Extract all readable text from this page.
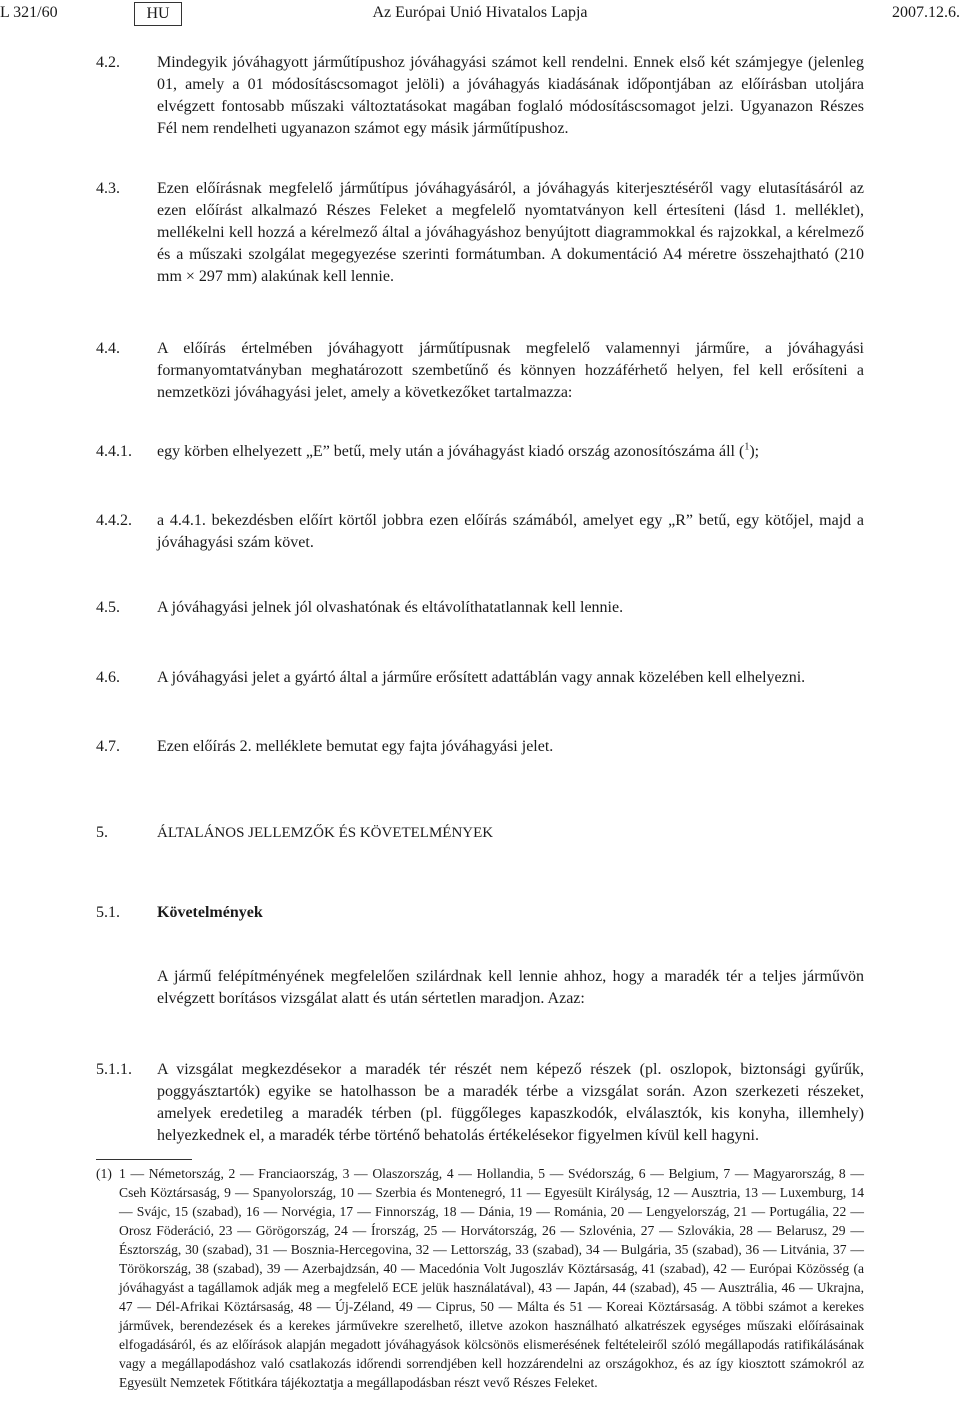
Az Európai Unió Hivatalos Lapja
L 321/60	HU	2007.12.6.
4.2. Mindegyik jóváhagyott járműtípushoz jóváhagyási számot kell rendelni. Ennek első két számjegye (jelenleg 01, amely a 01 módosításcsomagot jelöli) a jóváhagyás kiadásának időpontjában az előírásban utoljára elvégzett fontosabb műszaki változtatásokat magában foglaló módosításcsomagot jelzi. Ugyanazon Részes Fél nem rendelheti ugyanazon számot egy másik járműtípushoz.
4.3. Ezen előírásnak megfelelő járműtípus jóváhagyásáról, a jóváhagyás kiterjesztéséről vagy elutasításáról az ezen előírást alkalmazó Részes Feleket a megfelelő nyomtatványon kell értesíteni (lásd 1. melléklet), mellékelni kell hozzá a kérelmező által a jóváhagyáshoz benyújtott diagrammokkal és rajzokkal, a kérelmező és a műszaki szolgálat megegyezése szerinti formátumban. A dokumentáció A4 méretre összehajtható (210 mm × 297 mm) alakúnak kell lennie.
4.4. A előírás értelmében jóváhagyott járműtípusnak megfelelő valamennyi járműre, a jóváhagyási formanyomtatványban meghatározott szembetűnő és könnyen hozzáférhető helyen, fel kell erősíteni a nemzetközi jóváhagyási jelet, amely a következőket tartalmazza:
4.4.1. egy körben elhelyezett „E” betű, mely után a jóváhagyást kiadó ország azonosítószáma áll ($^1$);
4.4.2. a 4.4.1. bekezdésben előírt körtől jobbra ezen előírás számából, amelyet egy „R” betű, egy kötőjel, majd a jóváhagyási szám követ.
4.5. A jóváhagyási jelnek jól olvashatónak és eltávolíthatatlannak kell lennie.
4.6. A jóváhagyási jelet a gyártó által a járműre erősített adattáblán vagy annak közelében kell elhelyezni.
4.7. Ezen előírás 2. melléklete bemutat egy fajta jóváhagyási jelet.
5.	ÁLTALÁNOS JELLEMZŐK ÉS KÖVETELMÉNYEK
5.1. Követelmények
A jármű felépítményének megfelelően szilárdnak kell lennie ahhoz, hogy a maradék tér a teljes járművön elvégzett borításos vizsgálat alatt és után sértetlen maradjon. Azaz:
5.1.1. A vizsgálat megkezdésekor a maradék tér részét nem képező részek (pl. oszlopok, biztonsági gyűrűk, poggyásztartók) egyike se hatolhasson be a maradék térbe a vizsgálat során. Azon szerkezeti részeket, amelyek eredetileg a maradék térben (pl. függőleges kapaszkodók, elválasztók, kis konyha, illemhely) helyezkednek el, a maradék térbe történő behatolás értékelésekor figyelmen kívül kell hagyni.
(1) 1 — Németország, 2 — Franciaország, 3 — Olaszország, 4 — Hollandia, 5 — Svédország, 6 — Belgium, 7 — Magyarország, 8 — Cseh Köztársaság, 9 — Spanyolország, 10 — Szerbia és Montenegró, 11 — Egyesült Királyság, 12 — Ausztria, 13 — Luxemburg, 14 — Svájc, 15 (szabad), 16 — Norvégia, 17 — Finnország, 18 — Dánia, 19 — Románia, 20 — Lengyelország, 21 — Portugália, 22 — Orosz Föderáció, 23 — Görögország, 24 — Írország, 25 — Horvátország, 26 — Szlovénia, 27 — Szlovákia, 28 — Belarusz, 29 — Észtország, 30 (szabad), 31 — Bosznia-Hercegovina, 32 — Lettország, 33 (szabad), 34 — Bulgária, 35 (szabad), 36 — Litvánia, 37 — Törökország, 38 (szabad), 39 — Azerbajdzsán, 40 — Macedónia Volt Jugoszláv Köztársaság, 41 (szabad), 42 — Európai Közösség (a jóváhagyást a tagállamok adják meg a megfelelő ECE jelük használatával), 43 — Japán, 44 (szabad), 45 — Ausztrália, 46 — Ukrajna, 47 — Dél-Afrikai Köztársaság, 48 — Új-Zéland, 49 — Ciprus, 50 — Málta és 51 — Koreai Köztársaság. A többi számot a kerekes járművek, berendezések és a kerekes járművekre szerelhető, illetve azokon használható alkatrészek egységes műszaki előírásainak elfogadásáról, és az előírások alapján megadott jóváhagyások kölcsönös elismerésének feltételeiről szóló megállapodás ratifikálásának vagy a megállapodáshoz való csatlakozás időrendi sorrendjében kell hozzárendelni az országokhoz, és az így kiosztott számokról az Egyesült Nemzetek Főtitkára tájékoztatja a megállapodásban részt vevő Részes Feleket.
